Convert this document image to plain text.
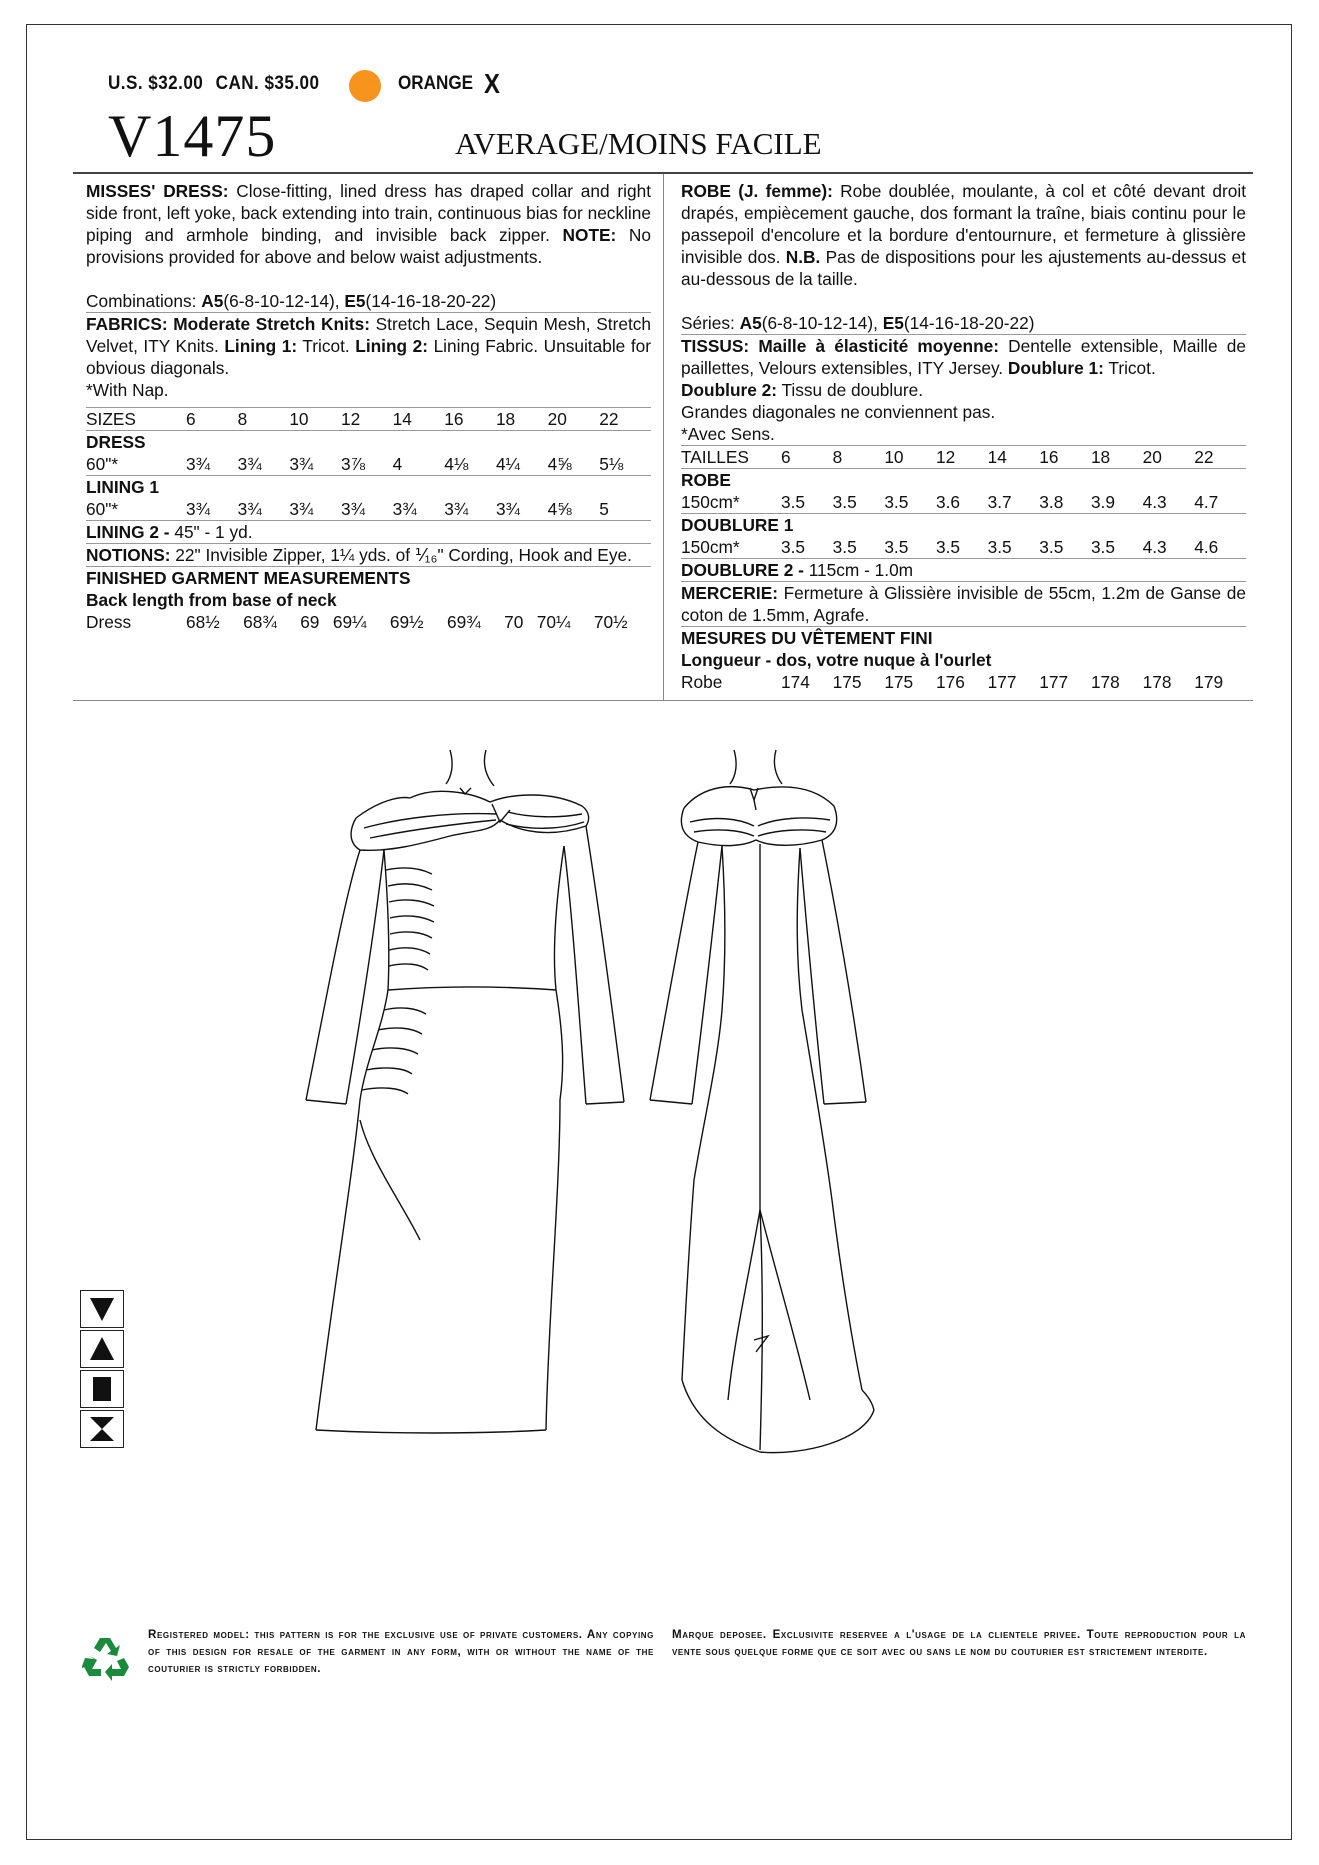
U.S. $32.00 CAN. $35.00	ORANGE X
V1475	AVERAGE/MOINS FACILE
MISSES' DRESS: Close-fitting, lined dress has draped collar and right side front, left yoke, back extending into train, continuous bias for neckline piping and armhole binding, and invisible back zipper. NOTE: No provisions provided for above and below waist adjustments.
Combinations: A5(6-8-10-12-14), E5(14-16-18-20-22)
FABRICS: Moderate Stretch Knits: Stretch Lace, Sequin Mesh, Stretch Velvet, ITY Knits. Lining 1: Tricot. Lining 2: Lining Fabric. Unsuitable for obvious diagonals.
*With Nap.
SIZES	6	8	10	12	14	16	18	20	22
DRESS									
60"*	3¾	3¾	3¾	3⅞	4	4⅛	4¼	4⅝	5⅛
LINING 1									
60"*	3¾	3¾	3¾	3¾	3¾	3¾	3¾	4⅝	5
LINING 2 - 45" - 1 yd.									
NOTIONS: 22" Invisible Zipper, 1¼ yds. of ⅟₁₆" Cording, Hook and Eye.
FINISHED GARMENT MEASUREMENTS
Back length from base of neck
Dress	68½	68¾	69	69¼	69½	69¾	70	70¼	70½
ROBE (J. femme): Robe doublée, moulante, à col et côté devant droit drapés, empiècement gauche, dos formant la traîne, biais continu pour le passepoil d'encolure et la bordure d'entournure, et fermeture à glissière invisible dos. N.B. Pas de dispositions pour les ajustements au-dessus et au-dessous de la taille.
Séries: A5(6-8-10-12-14), E5(14-16-18-20-22)
TISSUS: Maille à élasticité moyenne: Dentelle extensible, Maille de paillettes, Velours extensibles, ITY Jersey. Doublure 1: Tricot.
Doublure 2: Tissu de doublure.
Grandes diagonales ne conviennent pas.
*Avec Sens.
TAILLES	6	8	10	12	14	16	18	20	22
ROBE									
150cm*	3.5	3.5	3.5	3.6	3.7	3.8	3.9	4.3	4.7
DOUBLURE 1									
150cm*	3.5	3.5	3.5	3.5	3.5	3.5	3.5	4.3	4.6
DOUBLURE 2 - 115cm - 1.0m									
MERCERIE: Fermeture à Glissière invisible de 55cm, 1.2m de Ganse de coton de 1.5mm, Agrafe.
MESURES DU VÊTEMENT FINI
Longueur - dos, votre nuque à l'ourlet
Robe	174	175	175	176	177	177	178	178	179
Registered model: this pattern is for the exclusive use of private customers. Any copying of this design for resale of the garment in any form, with or without the name of the couturier is strictly forbidden.
Marque deposee. Exclusivite reservee a l'usage de la clientele privee. Toute reproduction pour la vente sous quelque forme que ce soit avec ou sans le nom du couturier est strictement interdite.
